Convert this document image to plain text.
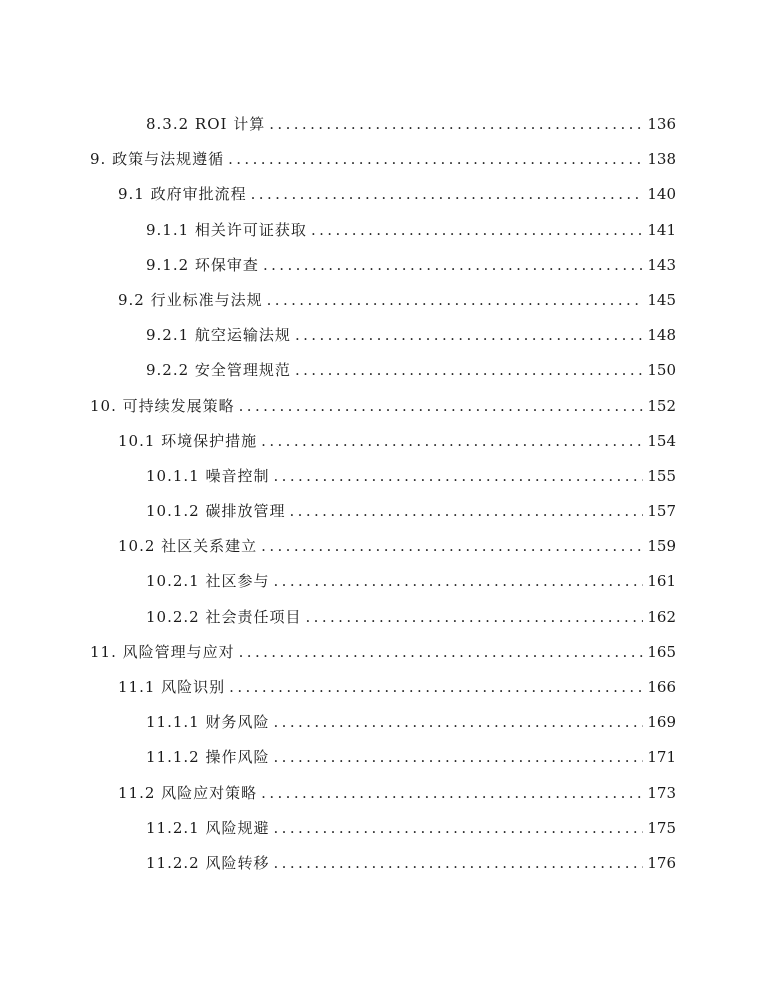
8.3.2 ROI 计算 .....	136
9. 政策与法规遵循 .....	138
9.1 政府审批流程 .....	140
9.1.1 相关许可证获取 .....	141
9.1.2 环保审查 .....	143
9.2 行业标准与法规 .....	145
9.2.1 航空运输法规 .....	148
9.2.2 安全管理规范 .....	150
10. 可持续发展策略 .....	152
10.1 环境保护措施 .....	154
10.1.1 噪音控制 .....	155
10.1.2 碳排放管理 .....	157
10.2 社区关系建立 .....	159
10.2.1 社区参与 .....	161
10.2.2 社会责任项目 .....	162
11. 风险管理与应对 .....	165
11.1 风险识别 .....	166
11.1.1 财务风险 .....	169
11.1.2 操作风险 .....	171
11.2 风险应对策略 .....	173
11.2.1 风险规避 .....	175
11.2.2 风险转移 .....	176
